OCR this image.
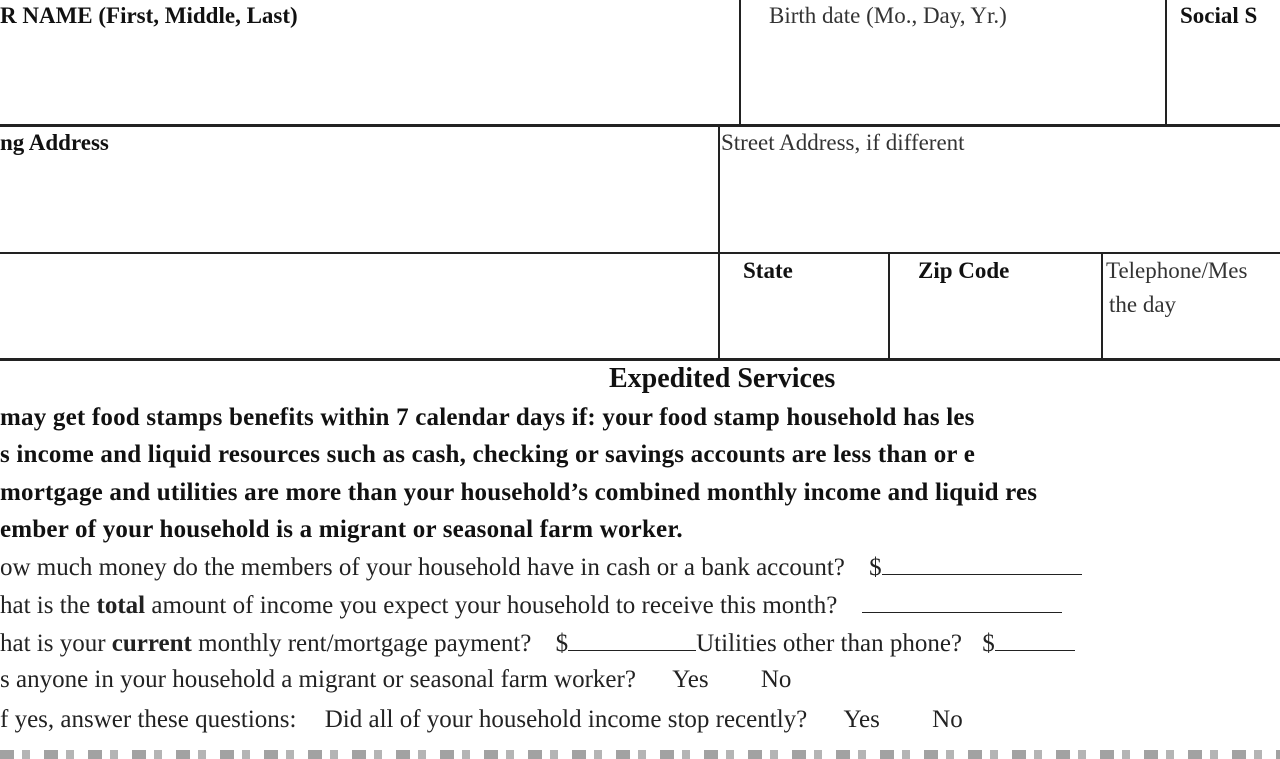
R NAME (First, Middle, Last)	Birth date (Mo., Day, Yr.)	Social S
ng Address	Street Address, if different
State	Zip Code	Telephone/Mes
the day
Expedited Services
may get food stamps benefits within 7 calendar days if: your food stamp household has les
s income and liquid resources such as cash, checking or savings accounts are less than or e
mortgage and utilities are more than your household’s combined monthly income and liquid res
ember of your household is a migrant or seasonal farm worker.
ow much money do the members of your household have in cash or a bank account? $
hat is the total amount of income you expect your household to receive this month?
hat is your current monthly rent/mortgage payment? $	Utilities other than phone? $
s anyone in your household a migrant or seasonal farm worker? Yes No
f yes, answer these questions: Did all of your household income stop recently? Yes No
